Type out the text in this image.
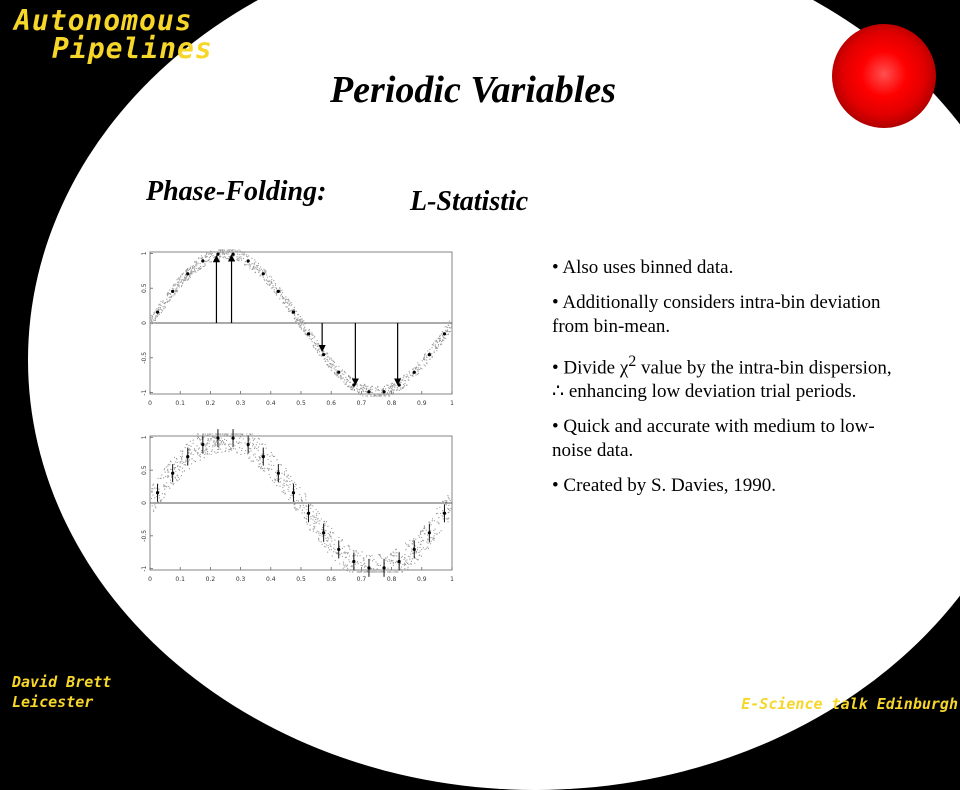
Autonomous
Pipelines
Periodic Variables
Phase-Folding:	L-Statistic
0	0.1	0.2	0.3	0.4	0.5	0.6	0.7	0.8	0.9	1
1
0.5
0
-0.5
-1
0	0.1	0.2	0.3	0.4	0.5	0.6	0.7	0.8	0.9	1
1
0.5
0
-0.5
-1
• Also uses binned data.
• Additionally considers intra-bin deviation from bin-mean.
• Divide $\chi^2$ value by the intra-bin dispersion, ∴ enhancing low deviation trial periods.
• Quick and accurate with medium to low-noise data.
• Created by S. Davies, 1990.
David Brett
Leicester	E-Science talk Edinburgh
